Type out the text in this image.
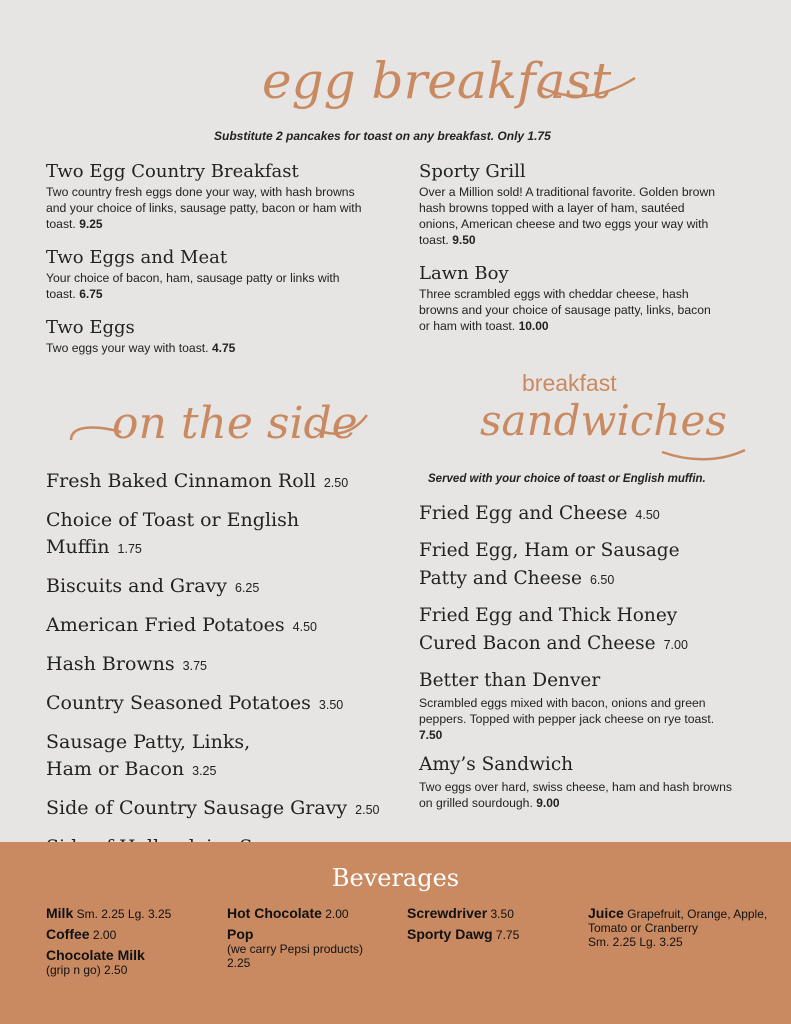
egg breakfast
Substitute 2 pancakes for toast on any breakfast. Only 1.75
Two Egg Country Breakfast
Two country fresh eggs done your way, with hash browns and your choice of links, sausage patty, bacon or ham with toast. 9.25
Two Eggs and Meat
Your choice of bacon, ham, sausage patty or links with toast. 6.75
Two Eggs
Two eggs your way with toast. 4.75
Sporty Grill
Over a Million sold! A traditional favorite. Golden brown hash browns topped with a layer of ham, sautéed onions, American cheese and two eggs your way with toast. 9.50
Lawn Boy
Three scrambled eggs with cheddar cheese, hash browns and your choice of sausage patty, links, bacon or ham with toast. 10.00
on the side
Fresh Baked Cinnamon Roll 2.50
Choice of Toast or English Muffin 1.75
Biscuits and Gravy 6.25
American Fried Potatoes 4.50
Hash Browns 3.75
Country Seasoned Potatoes 3.50
Sausage Patty, Links,
Ham or Bacon 3.25
Side of Country Sausage Gravy 2.50
breakfast
sandwiches
Served with your choice of toast or English muffin.
Fried Egg and Cheese 4.50
Fried Egg, Ham or Sausage
Patty and Cheese 6.50
Fried Egg and Thick Honey
Cured Bacon and Cheese 7.00
Better than Denver
Scrambled eggs mixed with bacon, onions and green peppers. Topped with pepper jack cheese on rye toast. 7.50
Amy’s Sandwich
Two eggs over hard, swiss cheese, ham and hash browns on grilled sourdough. 9.00
Beverages
Milk Sm. 2.25 Lg. 3.25
Coffee 2.00
Chocolate Milk
(grip n go) 2.50
Hot Chocolate 2.00
Pop
(we carry Pepsi products) 2.25
Screwdriver 3.50
Sporty Dawg 7.75
Juice Grapefruit, Orange, Apple, Tomato or Cranberry
Sm. 2.25 Lg. 3.25
